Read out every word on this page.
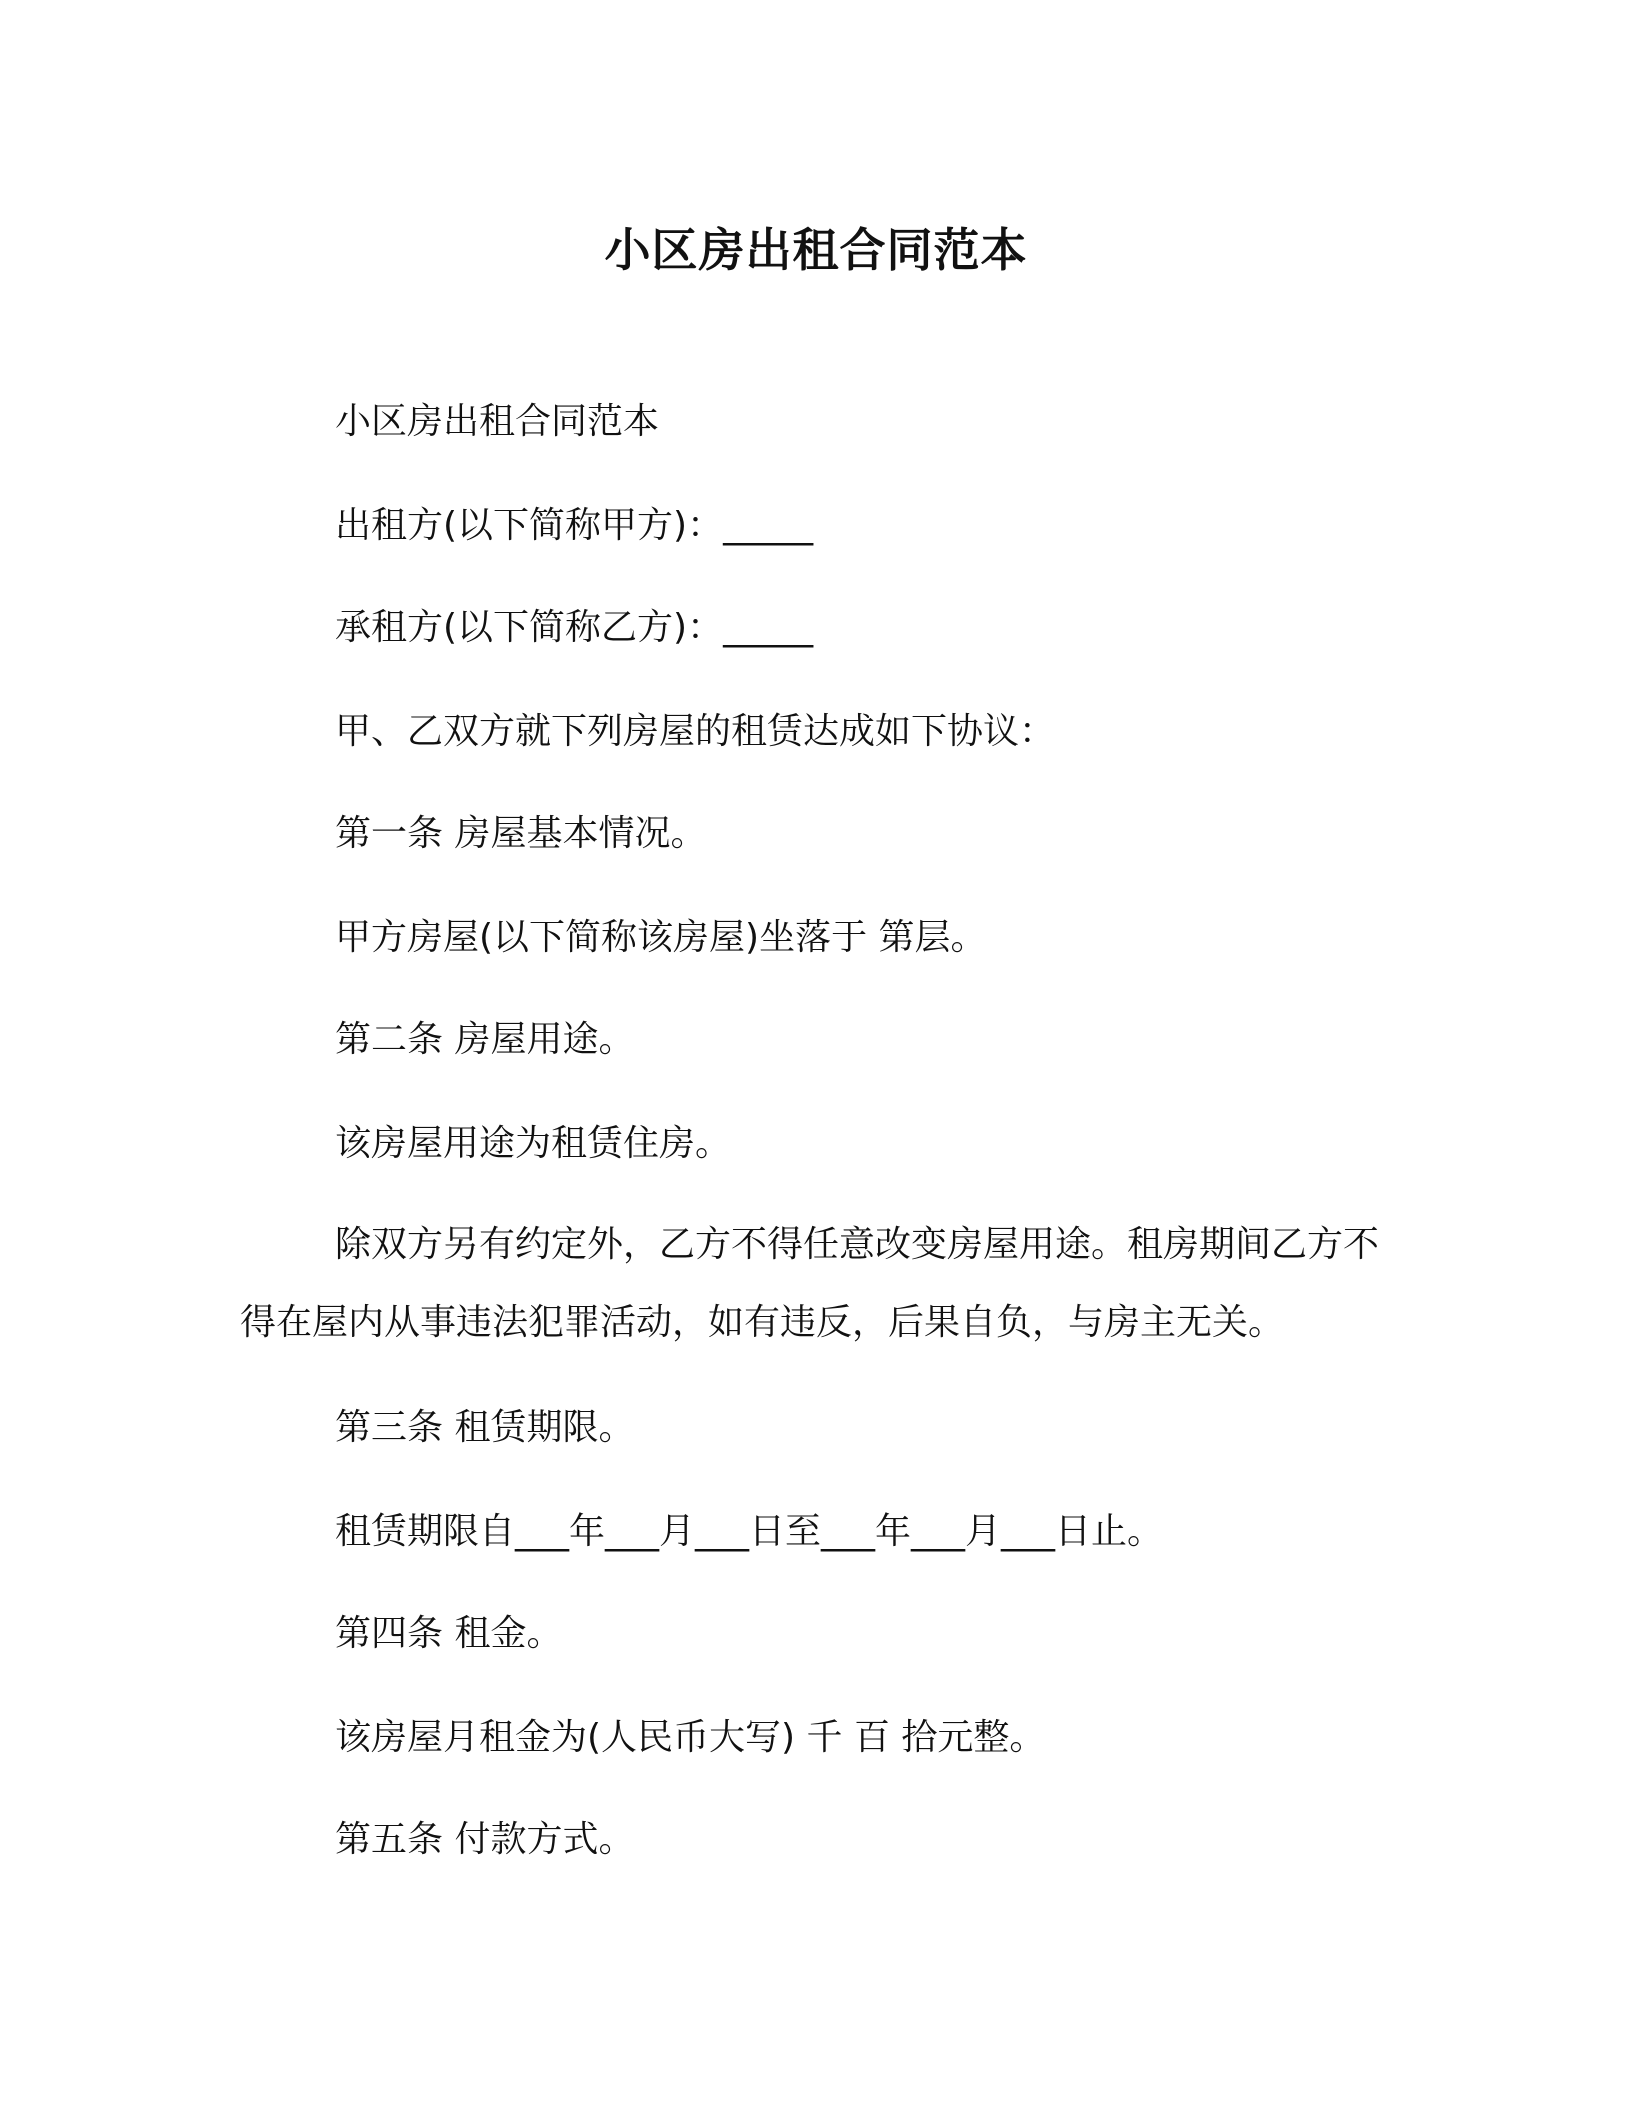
小区房出租合同范本
小区房出租合同范本
出租方(以下简称甲方)：_____
承租方(以下简称乙方)：_____
甲、乙双方就下列房屋的租赁达成如下协议：
第一条 房屋基本情况。
甲方房屋(以下简称该房屋)坐落于 第层。
第二条 房屋用途。
该房屋用途为租赁住房。
除双方另有约定外，乙方不得任意改变房屋用途。租房期间乙方不得在屋内从事违法犯罪活动，如有违反，后果自负，与房主无关。
第三条 租赁期限。
租赁期限自___年___月___日至___年___月___日止。
第四条 租金。
该房屋月租金为(人民币大写) 千 百 拾元整。
第五条 付款方式。
